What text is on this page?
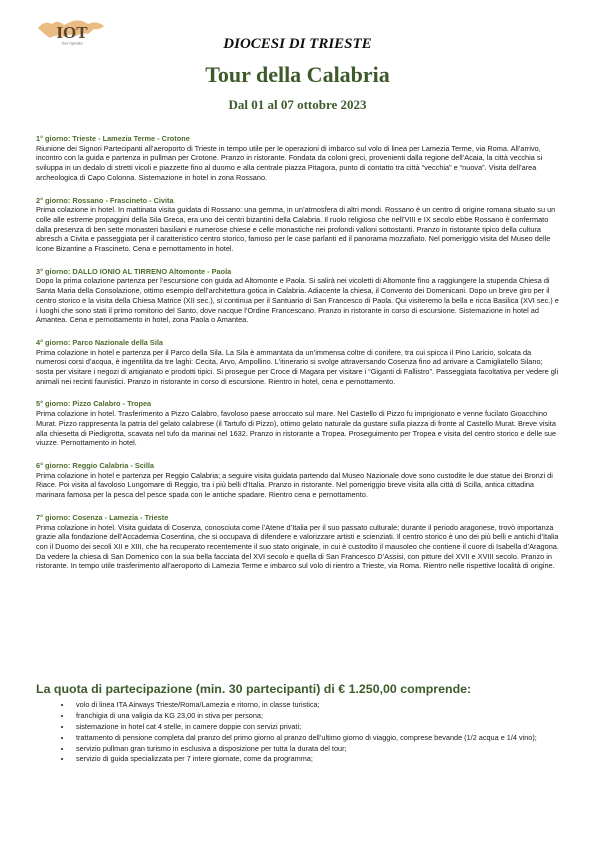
IOT
Tour Operator	DIOCESI DI TRIESTE
Tour della Calabria
Dal 01 al 07 ottobre 2023
1° giorno: Trieste - Lamezia Terme - Crotone

Riunione dei Signori Partecipanti all’aeroporto di Trieste in tempo utile per le operazioni di imbarco sul volo di linea per Lamezia Terme, via Roma. All’arrivo, incontro con la guida e partenza in pullman per Crotone. Pranzo in ristorante. Fondata da coloni greci, provenienti dalla regione dell’Acaia, la città vecchia si sviluppa in un dedalo di stretti vicoli e piazzette fino al duomo e alla centrale piazza Pitagora, punto di contatto tra città “vecchia” e “nuova”. Visita dell’area archeologica di Capo Colonna. Sistemazione in hotel in zona Rossano.

2° giorno: Rossano - Frascineto - Civita

Prima colazione in hotel. In mattinata visita guidata di Rossano: una gemma, in un’atmosfera di altri mondi. Rossano è un centro di origine romana situato su un colle alle estreme propaggini della Sila Greca, era uno dei centri bizantini della Calabria. Il ruolo religioso che nell’VIII e IX secolo ebbe Rossano è confermato dalla presenza di ben sette monasteri basiliani e numerose chiese e celle monastiche nei profondi valloni sottostanti. Pranzo in ristorante tipico della cultura abresch a Civita e passeggiata per il caratteristico centro storico, famoso per le case parlanti ed il panorama mozzafiato. Nel pomeriggio visita del Museo delle Icone Bizantine a Frascineto. Cena e pernottamento in hotel.

3° giorno: DALLO IONIO AL TIRRENO Altomonte - Paola

Dopo la prima colazione partenza per l’escursione con guida ad Altomonte e Paola. Si salirà nei vicoletti di Altomonte fino a raggiungere la stupenda Chiesa di Santa Maria della Consolazione, ottimo esempio dell’architettura gotica in Calabria. Adiacente la chiesa, il Convento dei Domenicani. Dopo un breve giro per il centro storico e la visita della Chiesa Matrice (XII sec.), si continua per il Santuario di San Francesco di Paola. Qui visiteremo la bella e ricca Basilica (XVI sec.) e i luoghi che sono stati il primo romitorio del Santo, dove nacque l’Ordine Francescano. Pranzo in ristorante in corso di escursione. Sistemazione in hotel ad Amantea. Cena e pernottamento in hotel, zona Paola o Amantea.

4° giorno: Parco Nazionale della Sila

Prima colazione in hotel e partenza per il Parco della Sila. La Sila è ammantata da un’immensa coltre di conifere, tra cui spicca il Pino Laricio, solcata da numerosi corsi d’acqua, è ingentilita da tre laghi: Cecita, Arvo, Ampollino. L’itinerario si svolge attraversando Cosenza fino ad arrivare a Camigliatello Silano; sosta per visitare i negozi di artigianato e prodotti tipici. Si prosegue per Croce di Magara per visitare i “Giganti di Fallistro”. Passeggiata facoltativa per vedere gli animali nei recinti faunistici. Pranzo in ristorante in corso di escursione. Rientro in hotel, cena e pernottamento.

5° giorno: Pizzo Calabro - Tropea

Prima colazione in hotel. Trasferimento a Pizzo Calabro, favoloso paese arroccato sul mare. Nel Castello di Pizzo fu imprigionato e venne fucilato Gioacchino Murat. Pizzo rappresenta la patria del gelato calabrese (il Tartufo di Pizzo), ottimo gelato naturale da gustare sulla piazza di fronte al Castello Murat. Breve visita alla chiesetta di Piedigrotta, scavata nel tufo da marinai nel 1632. Pranzo in ristorante a Tropea. Proseguimento per Tropea e visita del centro storico e delle sue viuzze. Pernottamento in hotel.

6° giorno: Reggio Calabria - Scilla

Prima colazione in hotel e partenza per Reggio Calabria; a seguire visita guidata partendo dal Museo Nazionale dove sono custodite le due statue dei Bronzi di Riace. Poi visita al favoloso Lungomare di Reggio, tra i più belli d’Italia. Pranzo in ristorante. Nel pomeriggio breve visita alla città di Scilla, antica cittadina marinara famosa per la pesca del pesce spada con le antiche spadare. Rientro cena e pernottamento.

7° giorno: Cosenza - Lamezia - Trieste

Prima colazione in hotel. Visita guidata di Cosenza, conosciuta come l’Atene d’Italia per il suo passato culturale; durante il periodo aragonese, trovò importanza grazie alla fondazione dell’Accademia Cosentina, che si occupava di difendere e valorizzare artisti e scienziati. Il centro storico è uno dei più belli e antichi d’Italia con il Duomo dei secoli XII e XIII, che ha recuperato recentemente il suo stato originale, in cui è custodito il mausoleo che contiene il cuore di Isabella d’Aragona. Da vedere la chiesa di San Domenico con la sua bella facciata del XVI secolo e quella di San Francesco D’Assisi, con pitture del XVII e XVIII secolo. Pranzo in ristorante. In tempo utile trasferimento all’aeroporto di Lamezia Terme e imbarco sul volo di rientro a Trieste, via Roma. Rientro nelle rispettive località di origine.

La quota di partecipazione (min. 30 partecipanti) di € 1.250,00 comprende:
• volo di linea ITA Airways Trieste/Roma/Lamezia e ritorno, in classe turistica;
• franchigia di una valigia da KG 23,00 in stiva per persona;
• sistemazione in hotel cat 4 stelle, in camere doppie con servizi privati;
• trattamento di pensione completa dal pranzo del primo giorno al pranzo dell’ultimo giorno di viaggio, comprese bevande (1/2 acqua e 1/4 vino);
• servizio pullman gran turismo in esclusiva a disposizione per tutta la durata del tour;
• servizio di guida specializzata per 7 intere giornate, come da programma;
